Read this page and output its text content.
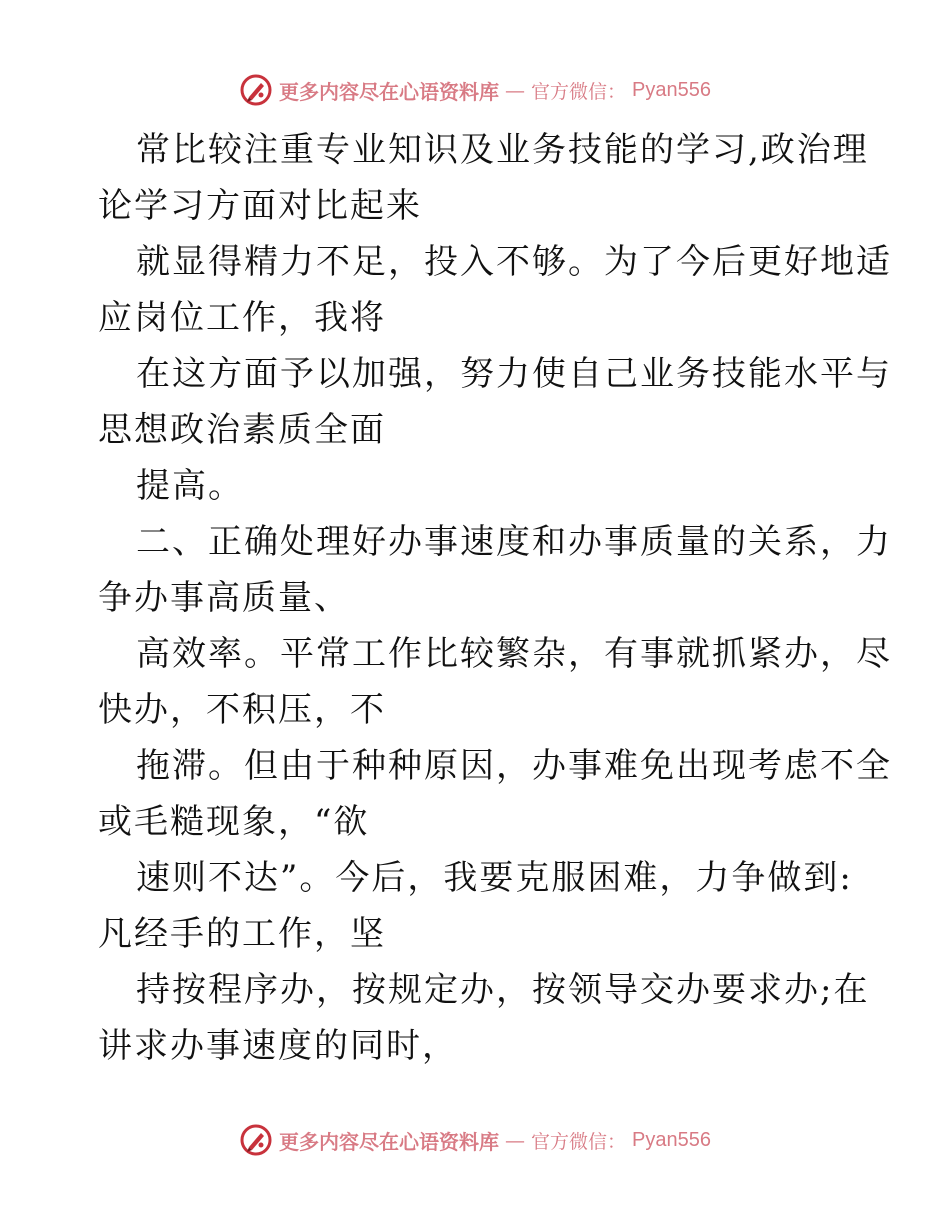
更多内容尽在心语资料库 — 官方微信： Pyan556
常比较注重专业知识及业务技能的学习,政治理
论学习方面对比起来
就显得精力不足，投入不够。为了今后更好地适
应岗位工作，我将
在这方面予以加强，努力使自己业务技能水平与
思想政治素质全面
提高。
二、正确处理好办事速度和办事质量的关系，力
争办事高质量、
高效率。平常工作比较繁杂，有事就抓紧办，尽
快办，不积压，不
拖滞。但由于种种原因，办事难免出现考虑不全
或毛糙现象，“欲
速则不达”。今后，我要克服困难，力争做到:
凡经手的工作，坚
持按程序办，按规定办，按领导交办要求办;在
讲求办事速度的同时，
更多内容尽在心语资料库 — 官方微信： Pyan556
